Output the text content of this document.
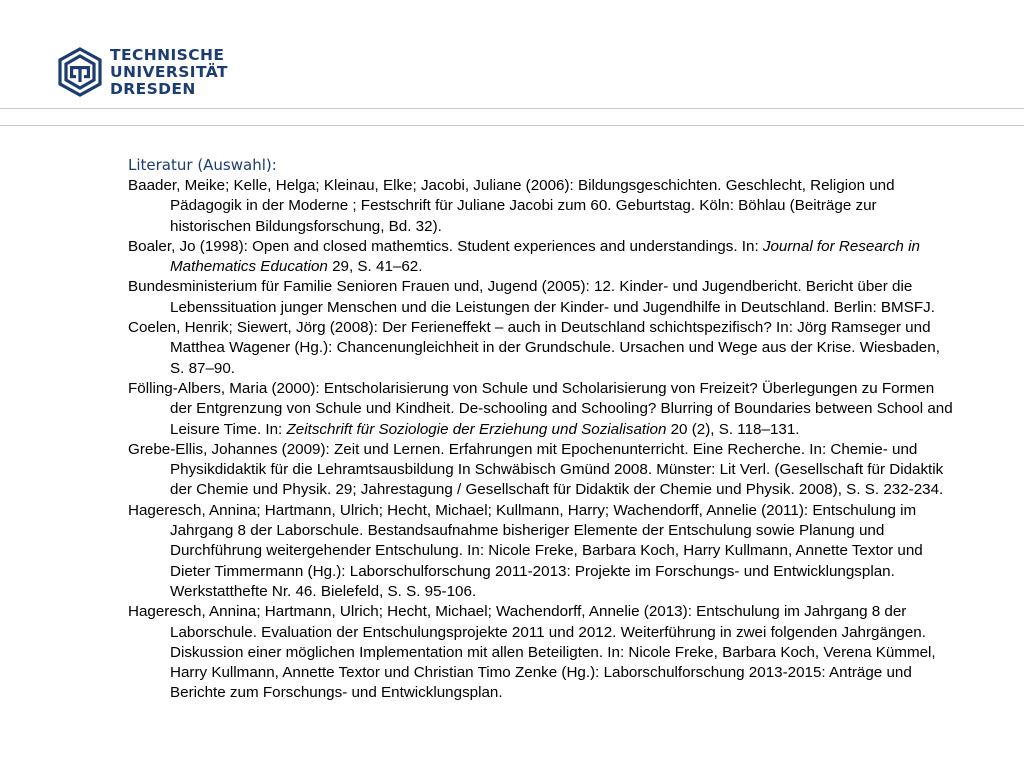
TECHNISCHE
UNIVERSITÄT
DRESDEN
Literatur (Auswahl):
Baader, Meike; Kelle, Helga; Kleinau, Elke; Jacobi, Juliane (2006): Bildungsgeschichten. Geschlecht, Religion und Pädagogik in der Moderne ; Festschrift für Juliane Jacobi zum 60. Geburtstag. Köln: Böhlau (Beiträge zur historischen Bildungsforschung, Bd. 32).
Boaler, Jo (1998): Open and closed mathemtics. Student experiences and understandings. In: Journal for Research in Mathematics Education 29, S. 41–62.
Bundesministerium für Familie Senioren Frauen und, Jugend (2005): 12. Kinder- und Jugendbericht. Bericht über die Lebenssituation junger Menschen und die Leistungen der Kinder- und Jugendhilfe in Deutschland. Berlin: BMSFJ.
Coelen, Henrik; Siewert, Jörg (2008): Der Ferieneffekt – auch in Deutschland schichtspezifisch? In: Jörg Ramseger und Matthea Wagener (Hg.): Chancenungleichheit in der Grundschule. Ursachen und Wege aus der Krise. Wiesbaden, S. 87–90.
Fölling-Albers, Maria (2000): Entscholarisierung von Schule und Scholarisierung von Freizeit? Überlegungen zu Formen der Entgrenzung von Schule und Kindheit. De-schooling and Schooling? Blurring of Boundaries between School and Leisure Time. In: Zeitschrift für Soziologie der Erziehung und Sozialisation 20 (2), S. 118–131.
Grebe-Ellis, Johannes (2009): Zeit und Lernen. Erfahrungen mit Epochenunterricht. Eine Recherche. In: Chemie- und Physikdidaktik für die Lehramtsausbildung In Schwäbisch Gmünd 2008. Münster: Lit Verl. (Gesellschaft für Didaktik der Chemie und Physik. 29; Jahrestagung / Gesellschaft für Didaktik der Chemie und Physik. 2008), S. S. 232-234.
Hageresch, Annina; Hartmann, Ulrich; Hecht, Michael; Kullmann, Harry; Wachendorff, Annelie (2011): Entschulung im Jahrgang 8 der Laborschule. Bestandsaufnahme bisheriger Elemente der Entschulung sowie Planung und Durchführung weitergehender Entschulung. In: Nicole Freke, Barbara Koch, Harry Kullmann, Annette Textor und Dieter Timmermann (Hg.): Laborschulforschung 2011-2013: Projekte im Forschungs- und Entwicklungsplan. Werkstatthefte Nr. 46. Bielefeld, S. S. 95-106.
Hageresch, Annina; Hartmann, Ulrich; Hecht, Michael; Wachendorff, Annelie (2013): Entschulung im Jahrgang 8 der Laborschule. Evaluation der Entschulungsprojekte 2011 und 2012. Weiterführung in zwei folgenden Jahrgängen. Diskussion einer möglichen Implementation mit allen Beteiligten. In: Nicole Freke, Barbara Koch, Verena Kümmel, Harry Kullmann, Annette Textor und Christian Timo Zenke (Hg.): Laborschulforschung 2013-2015: Anträge und Berichte zum Forschungs- und Entwicklungsplan.
